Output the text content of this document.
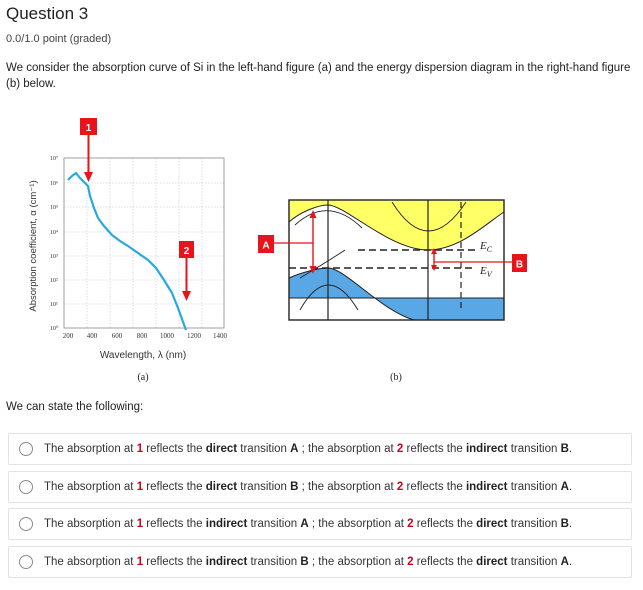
Question 3
0.0/1.0 point (graded)
We consider the absorption curve of Si in the left-hand figure (a) and the energy dispersion diagram in the right-hand figure (b) below.
10⁰
10¹
10²
10³
10⁴
10⁵
10⁶
10⁷
200 400 600 800 1000 1200 1400
Wavelength, λ (nm)
Absorption coefficient, α (cm⁻¹)
(a)
1
2	$E_C$
$E_V$
A
B
(b)
We can state the following:
The absorption at 1 reflects the direct transition A ; the absorption at 2 reflects the indirect transition B.
The absorption at 1 reflects the direct transition B ; the absorption at 2 reflects the indirect transition A.
The absorption at 1 reflects the indirect transition A ; the absorption at 2 reflects the direct transition B.
The absorption at 1 reflects the indirect transition B ; the absorption at 2 reflects the direct transition A.
